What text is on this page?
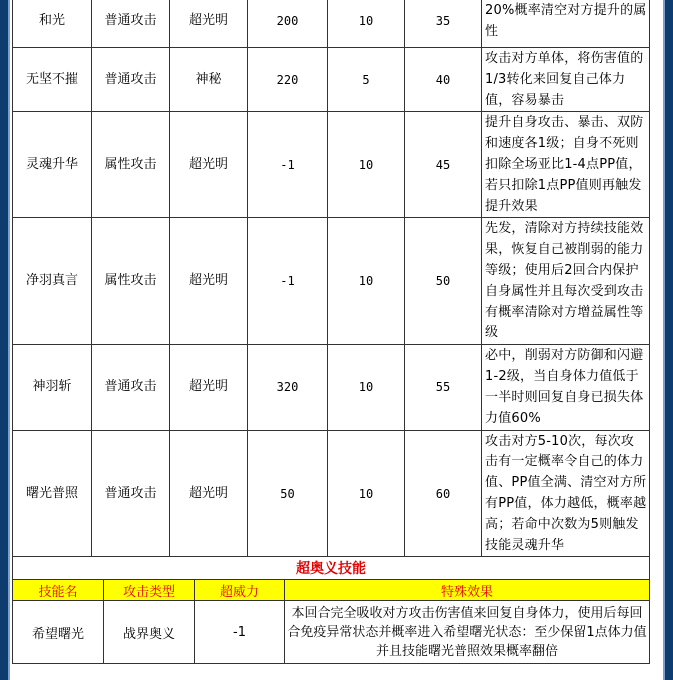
和光	普通攻击	超光明	200	10	35	20%概率清空对方提升的属性
无坚不摧	普通攻击	神秘	220	5	40	攻击对方单体，将伤害值的1/3转化来回复自己体力值，容易暴击
灵魂升华	属性攻击	超光明	-1	10	45	提升自身攻击、暴击、双防和速度各1级；自身不死则扣除全场亚比1-4点PP值，若只扣除1点PP值则再触发提升效果
净羽真言	属性攻击	超光明	-1	10	50	先发，清除对方持续技能效果，恢复自己被削弱的能力等级；使用后2回合内保护自身属性并且每次受到攻击有概率清除对方增益属性等级
神羽斩	普通攻击	超光明	320	10	55	必中，削弱对方防御和闪避1-2级，当自身体力值低于一半时则回复自身已损失体力值60%
曙光普照	普通攻击	超光明	50	10	60	攻击对方5-10次，每次攻击有一定概率令自己的体力值、PP值全满、清空对方所有PP值，体力越低，概率越高；若命中次数为5则触发技能灵魂升华
超奥义技能			
技能名	攻击类型	超威力	特殊效果
希望曙光	战界奥义	-1	本回合完全吸收对方攻击伤害值来回复自身体力，使用后每回合免疫异常状态并概率进入希望曙光状态：至少保留1点体力值并且技能曙光普照效果概率翻倍
